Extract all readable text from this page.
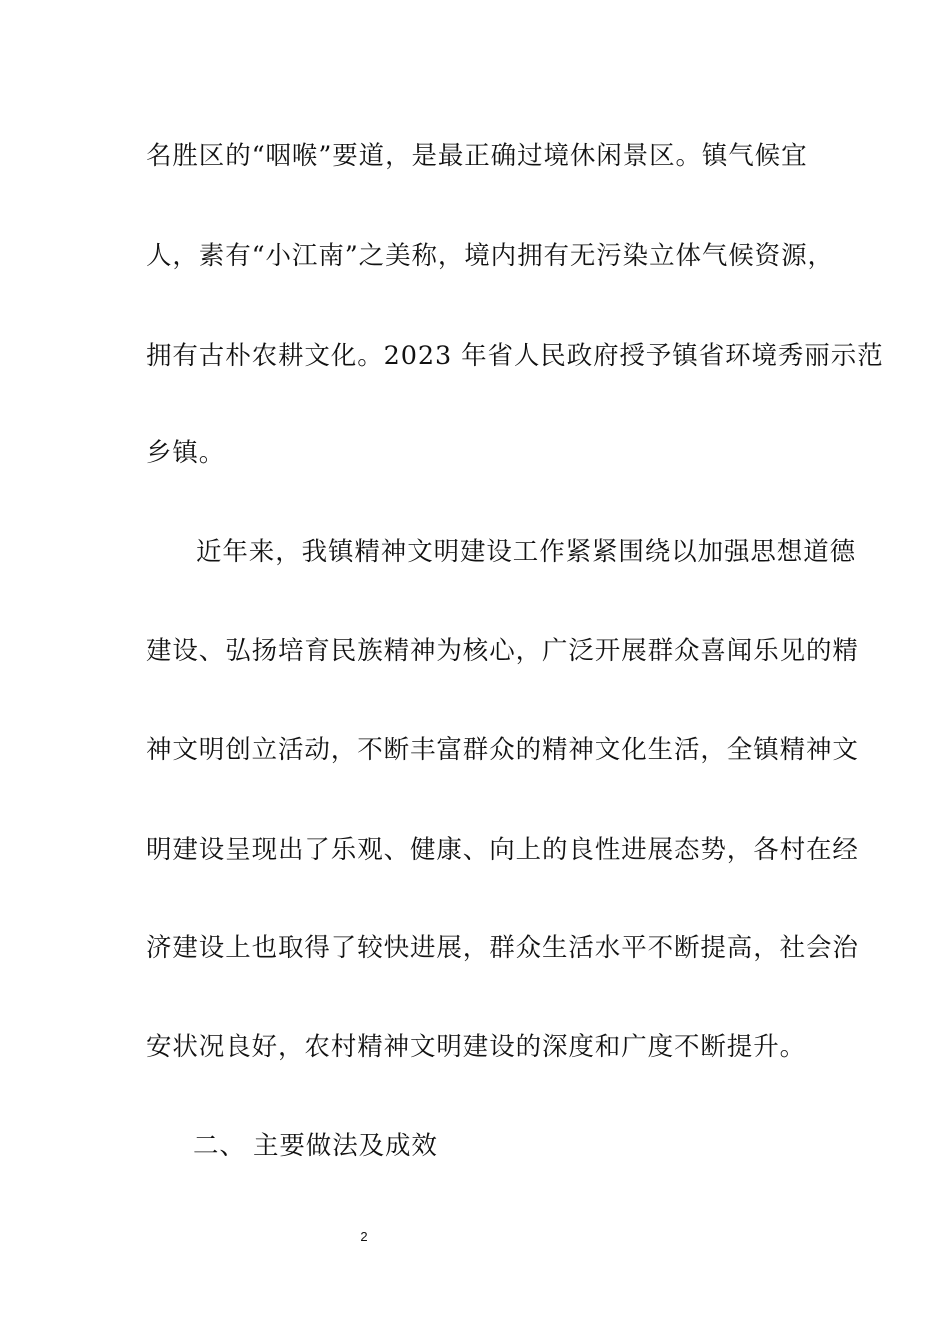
名胜区的“咽喉”要道，是最正确过境休闲景区。镇气候宜
人，素有“小江南”之美称，境内拥有无污染立体气候资源，
拥有古朴农耕文化。2023 年省人民政府授予镇省环境秀丽示范
乡镇。
近年来，我镇精神文明建设工作紧紧围绕以加强思想道德
建设、弘扬培育民族精神为核心，广泛开展群众喜闻乐见的精
神文明创立活动，不断丰富群众的精神文化生活，全镇精神文
明建设呈现出了乐观、健康、向上的良性进展态势，各村在经
济建设上也取得了较快进展，群众生活水平不断提高，社会治
安状况良好，农村精神文明建设的深度和广度不断提升。
二、 主要做法及成效
2
